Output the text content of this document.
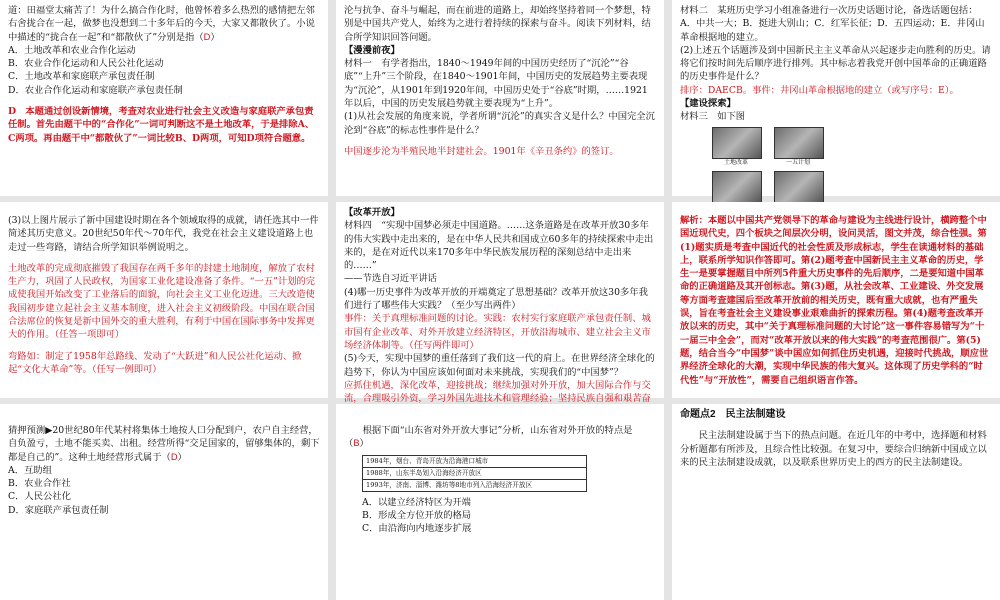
道：田福堂太痛苦了！为什么搞合作化时，他曾怀着多么热烈的感情把左邻右舍拢合在一起，做梦也没想到二十多年后的今天，大家又都散伙了。小说中描述的“拢合在一起”和“都散伙了”分别是指（D）

A．土地改革和农业合作化运动

B．农业合作化运动和人民公社化运动

C．土地改革和家庭联产承包责任制

D．农业合作化运动和家庭联产承包责任制

D　本题通过创设新情境，考查对农业进行社会主义改造与家庭联产承包责任制。首先由题干中的“合作化”一词可判断这不是土地改革，于是排除A、C两项。再由题干中“都散伙了”一词比较B、D两项，可知D项符合题意。

沦与抗争、奋斗与崛起，而在前进的道路上，却始终坚持着同一个梦想，特别是中国共产党人，始终为之进行着持续的探索与奋斗。阅读下列材料，结合所学知识回答问题。

【漫漫前夜】

材料一　有学者指出，1840～1949年间的中国历史经历了“沉沦”“谷底”“上升”三个阶段，在1840～1901年间，中国历史的发展趋势主要表现为“沉沦”，从1901年到1920年间，中国历史处于“谷底”时期，……1921年以后，中国的历史发展趋势就主要表现为“上升”。

(1)从社会发展的角度来说，学者所谓“沉沦”的真实含义是什么？中国完全沉沦到“谷底”的标志性事件是什么？

中国逐步沦为半殖民地半封建社会。1901年《辛丑条约》的签订。

材料二　某班历史学习小组准备进行一次历史话题讨论，备选话题包括：A．中共一大；B．挺进大别山；C．红军长征；D．五四运动；E．井冈山革命根据地的建立。

(2)上述五个话题涉及到中国新民主主义革命从兴起逐步走向胜利的历史。请将它们按时间先后顺序进行排列。其中标志着我党开创中国革命的正确道路的历史事件是什么？

排序：DAECB。事件：井冈山革命根据地的建立（或写序号：E）。

【建设探索】

材料三　如下图

土地改革	一五计划

(3)以上图片展示了新中国建设时期在各个领域取得的成就，请任选其中一件简述其历史意义。20世纪50年代～70年代，我党在社会主义建设道路上也走过一些弯路，请结合所学知识举例说明之。

土地改革的完成彻底摧毁了我国存在两千多年的封建土地制度，解放了农村生产力，巩固了人民政权，为国家工业化建设准备了条件。“一五”计划的完成使我国开始改变了工业落后的面貌，向社会主义工业化迈进。三大改造使我国初步建立起社会主义基本制度，进入社会主义初级阶段。中国在联合国合法席位的恢复是新中国外交的重大胜利，有利于中国在国际事务中发挥更大的作用。（任答一项即可）

弯路如：制定了1958年总路线、发动了“大跃进”和人民公社化运动、掀起“文化大革命”等。（任写一例即可）

【改革开放】

材料四　“实现中国梦必须走中国道路。……这条道路是在改革开放30多年的伟大实践中走出来的，是在中华人民共和国成立60多年的持续探索中走出来的，是在对近代以来170多年中华民族发展历程的深刻总结中走出来的……”

——节选自习近平讲话

(4)哪一历史事件为改革开放的开端奠定了思想基础？改革开放这30多年我们进行了哪些伟大实践？（至少写出两件）

事件：关于真理标准问题的讨论。实践：农村实行家庭联产承包责任制、城市国有企业改革、对外开放建立经济特区，开放沿海城市、建立社会主义市场经济体制等。（任写两件即可）

(5)今天，实现中国梦的重任落到了我们这一代的肩上。在世界经济全球化的趋势下，你认为中国应该如何面对未来挑战，实现我们的“中国梦”？

应抓住机遇，深化改革，迎接挑战；继续加强对外开放，加大国际合作与交流，合理吸引外资，学习外国先进技术和管理经验；坚持民族自强和艰苦奋

解析：本题以中国共产党领导下的革命与建设为主线进行设计，横跨整个中国近现代史，四个板块之间层次分明，设问灵活，图文并茂，综合性强。第(1)题实质是考查中国近代的社会性质及形成标志，学生在读通材料的基础上，联系所学知识作答即可。第(2)题考查中国新民主主义革命的历史，学生一是要掌握题目中所列5件重大历史事件的先后顺序，二是要知道中国革命的正确道路及其开创标志。第(3)题，从社会改革、工业建设、外交发展等方面考查建国后至改革开放前的相关历史，既有重大成就，也有严重失误，旨在考查社会主义建设事业艰难曲折的探索历程。第(4)题考查改革开放以来的历史，其中“关于真理标准问题的大讨论”这一事件容易错写为“十一届三中全会”，而对“改革开放以来的伟大实践”的考查范围很广。第(5)题，结合当今“中国梦”谈中国应如何抓住历史机遇，迎接时代挑战，顺应世界经济全球化的大潮，实现中华民族的伟大复兴。这体现了历史学科的“时代性”与“开放性”，需要自己组织语言作答。

猜押预测▶20世纪80年代某村将集体土地按人口分配到户，农户自主经营，自负盈亏，土地不能买卖、出租。经营所得“交足国家的，留够集体的，剩下都是自己的”。这种土地经营形式属于（D）

A．互助组

B．农业合作社

C．人民公社化

D．家庭联产承包责任制

根据下面“山东省对外开放大事记”分析，山东省对外开放的特点是（B）

1984年，烟台、青岛开放为沿海港口城市
1988年，山东半岛划入沿海经济开放区
1993年，济南、淄博、潍坊等8地市列入沿海经济开放区

A．以建立经济特区为开端

B．形成全方位开放的格局

C．由沿海向内地逐步扩展

命题点2　民主法制建设

民主法制建设属于当下的热点问题。在近几年的中考中，选择题和材料分析题都有所涉及，且综合性比较强。在复习中，要综合归纳新中国成立以来的民主法制建设成就，以及联系世界历史上的西方的民主法制建设。
